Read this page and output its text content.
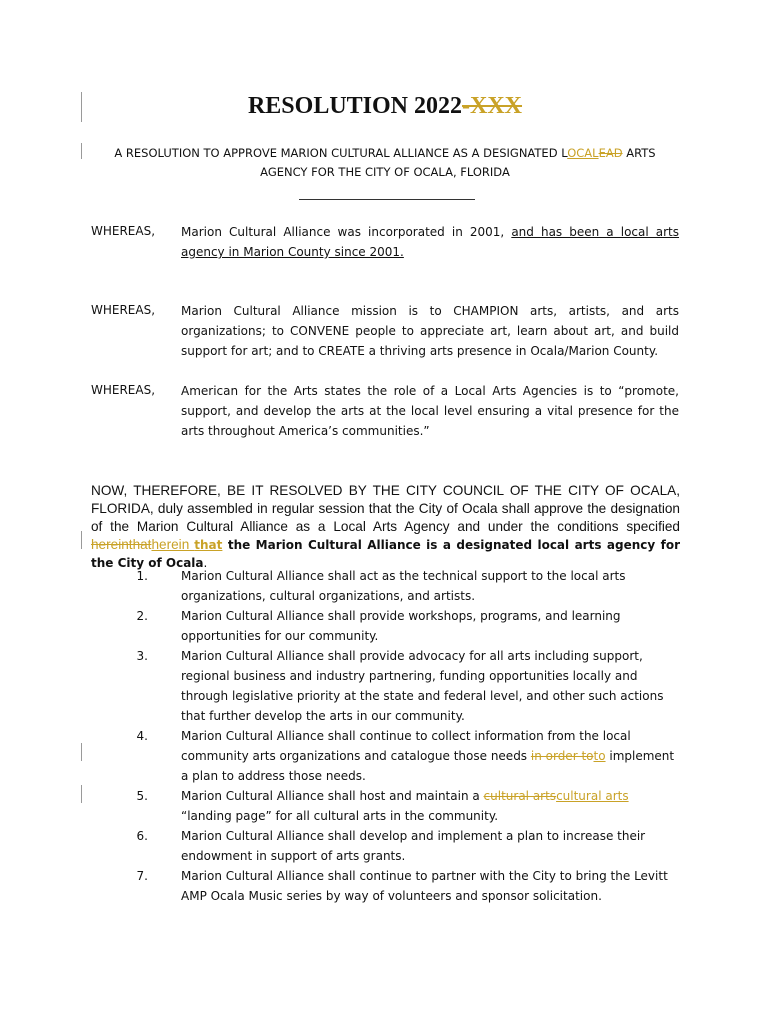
RESOLUTION 2022-XXX
A RESOLUTION TO APPROVE MARION CULTURAL ALLIANCE AS A DESIGNATED LOCALEAD ARTS AGENCY FOR THE CITY OF OCALA, FLORIDA
WHEREAS, Marion Cultural Alliance was incorporated in 2001, and has been a local arts agency in Marion County since 2001.
WHEREAS, Marion Cultural Alliance mission is to CHAMPION arts, artists, and arts organizations; to CONVENE people to appreciate art, learn about art, and build support for art; and to CREATE a thriving arts presence in Ocala/Marion County.
WHEREAS, American for the Arts states the role of a Local Arts Agencies is to “promote, support, and develop the arts at the local level ensuring a vital presence for the arts throughout America’s communities.”
NOW, THEREFORE, BE IT RESOLVED BY THE CITY COUNCIL OF THE CITY OF OCALA, FLORIDA, duly assembled in regular session that the City of Ocala shall approve the designation of the Marion Cultural Alliance as a Local Arts Agency and under the conditions specified hereinthatherein that the Marion Cultural Alliance is a designated local arts agency for the City of Ocala.
1.	Marion Cultural Alliance shall act as the technical support to the local arts organizations, cultural organizations, and artists.
2.	Marion Cultural Alliance shall provide workshops, programs, and learning opportunities for our community.
3.	Marion Cultural Alliance shall provide advocacy for all arts including support, regional business and industry partnering, funding opportunities locally and through legislative priority at the state and federal level, and other such actions that further develop the arts in our community.
4.	Marion Cultural Alliance shall continue to collect information from the local community arts organizations and catalogue those needs in order toto implement a plan to address those needs.
5.	Marion Cultural Alliance shall host and maintain a cultural artscultural arts “landing page” for all cultural arts in the community.
6.	Marion Cultural Alliance shall develop and implement a plan to increase their endowment in support of arts grants.
7.	Marion Cultural Alliance shall continue to partner with the City to bring the Levitt AMP Ocala Music series by way of volunteers and sponsor solicitation.
